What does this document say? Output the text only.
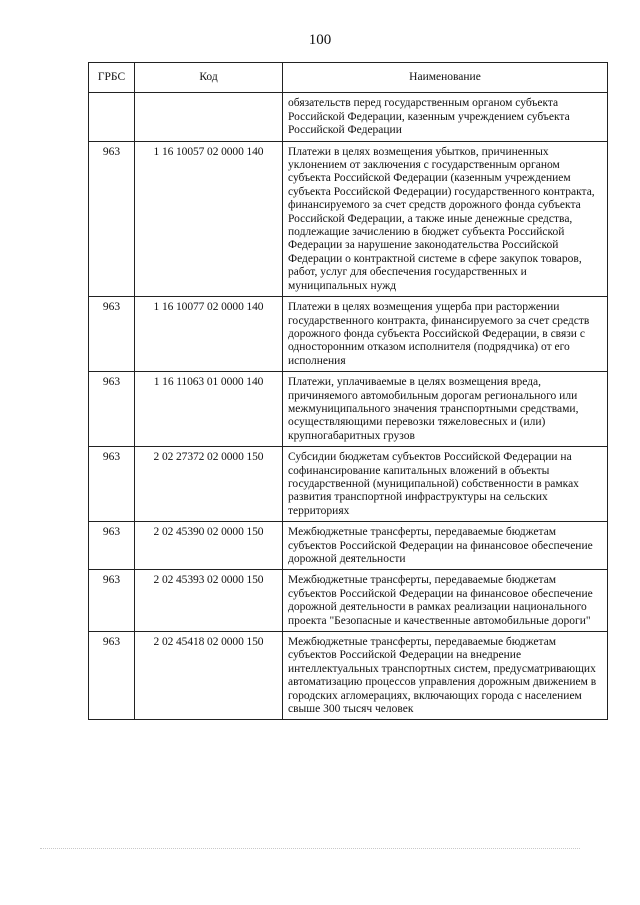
100
ГРБС	Код	Наименование
		обязательств перед государственным органом субъекта Российской Федерации, казенным учреждением субъекта Российской Федерации
963	1 16 10057 02 0000 140	Платежи в целях возмещения убытков, причиненных уклонением от заключения с государственным органом субъекта Российской Федерации (казенным учреждением субъекта Российской Федерации) государственного контракта, финансируемого за счет средств дорожного фонда субъекта Российской Федерации, а также иные денежные средства, подлежащие зачислению в бюджет субъекта Российской Федерации за нарушение законодательства Российской Федерации о контрактной системе в сфере закупок товаров, работ, услуг для обеспечения государственных и муниципальных нужд
963	1 16 10077 02 0000 140	Платежи в целях возмещения ущерба при расторжении государственного контракта, финансируемого за счет средств дорожного фонда субъекта Российской Федерации, в связи с односторонним отказом исполнителя (подрядчика) от его исполнения
963	1 16 11063 01 0000 140	Платежи, уплачиваемые в целях возмещения вреда, причиняемого автомобильным дорогам регионального или межмуниципального значения транспортными средствами, осуществляющими перевозки тяжеловесных и (или) крупногабаритных грузов
963	2 02 27372 02 0000 150	Субсидии бюджетам субъектов Российской Федерации на софинансирование капитальных вложений в объекты государственной (муниципальной) собственности в рамках развития транспортной инфраструктуры на сельских территориях
963	2 02 45390 02 0000 150	Межбюджетные трансферты, передаваемые бюджетам субъектов Российской Федерации на финансовое обеспечение дорожной деятельности
963	2 02 45393 02 0000 150	Межбюджетные трансферты, передаваемые бюджетам субъектов Российской Федерации на финансовое обеспечение дорожной деятельности в рамках реализации национального проекта "Безопасные и качественные автомобильные дороги"
963	2 02 45418 02 0000 150	Межбюджетные трансферты, передаваемые бюджетам субъектов Российской Федерации на внедрение интеллектуальных транспортных систем, предусматривающих автоматизацию процессов управления дорожным движением в городских агломерациях, включающих города с населением свыше 300 тысяч человек
